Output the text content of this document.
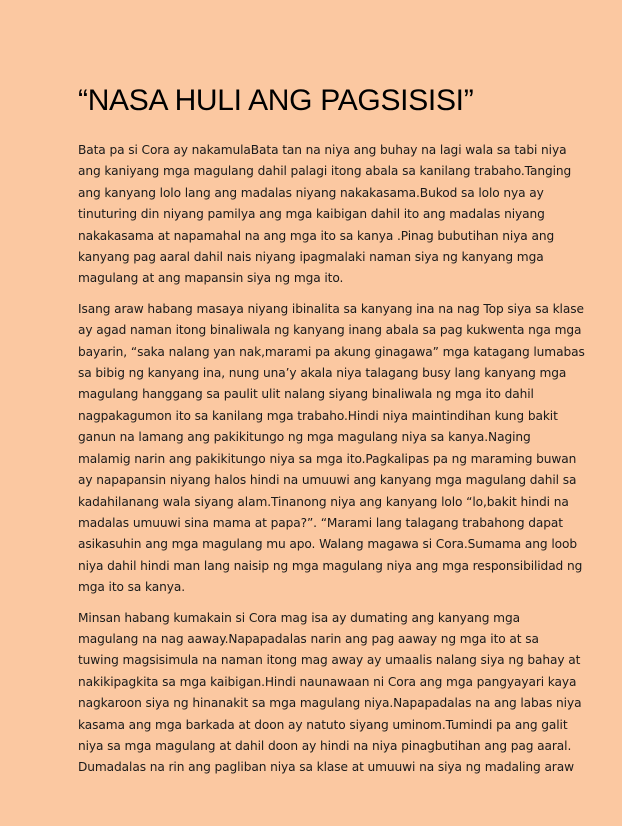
“NASA HULI ANG PAGSISISI”
Bata pa si Cora ay nakamulaBata tan na niya ang buhay na lagi wala sa tabi niya
ang kaniyang mga magulang dahil palagi itong abala sa kanilang trabaho.Tanging
ang kanyang lolo lang ang madalas niyang nakakasama.Bukod sa lolo nya ay
tinuturing din niyang pamilya ang mga kaibigan dahil ito ang madalas niyang
nakakasama at napamahal na ang mga ito sa kanya .Pinag bubutihan niya ang
kanyang pag aaral dahil nais niyang ipagmalaki naman siya ng kanyang mga
magulang at ang mapansin siya ng mga ito.
Isang araw habang masaya niyang ibinalita sa kanyang ina na nag Top siya sa klase
ay agad naman itong binaliwala ng kanyang inang abala sa pag kukwenta nga mga
bayarin, “saka nalang yan nak,marami pa akung ginagawa” mga katagang lumabas
sa bibig ng kanyang ina, nung una’y akala niya talagang busy lang kanyang mga
magulang hanggang sa paulit ulit nalang siyang binaliwala ng mga ito dahil
nagpakagumon ito sa kanilang mga trabaho.Hindi niya maintindihan kung bakit
ganun na lamang ang pakikitungo ng mga magulang niya sa kanya.Naging
malamig narin ang pakikitungo niya sa mga ito.Pagkalipas pa ng maraming buwan
ay napapansin niyang halos hindi na umuuwi ang kanyang mga magulang dahil sa
kadahilanang wala siyang alam.Tinanong niya ang kanyang lolo “lo,bakit hindi na
madalas umuuwi sina mama at papa?”. “Marami lang talagang trabahong dapat
asikasuhin ang mga magulang mu apo. Walang magawa si Cora.Sumama ang loob
niya dahil hindi man lang naisip ng mga magulang niya ang mga responsibilidad ng
mga ito sa kanya.
Minsan habang kumakain si Cora mag isa ay dumating ang kanyang mga
magulang na nag aaway.Napapadalas narin ang pag aaway ng mga ito at sa
tuwing magsisimula na naman itong mag away ay umaalis nalang siya ng bahay at
nakikipagkita sa mga kaibigan.Hindi naunawaan ni Cora ang mga pangyayari kaya
nagkaroon siya ng hinanakit sa mga magulang niya.Napapadalas na ang labas niya
kasama ang mga barkada at doon ay natuto siyang uminom.Tumindi pa ang galit
niya sa mga magulang at dahil doon ay hindi na niya pinagbutihan ang pag aaral.
Dumadalas na rin ang pagliban niya sa klase at umuuwi na siya ng madaling araw
